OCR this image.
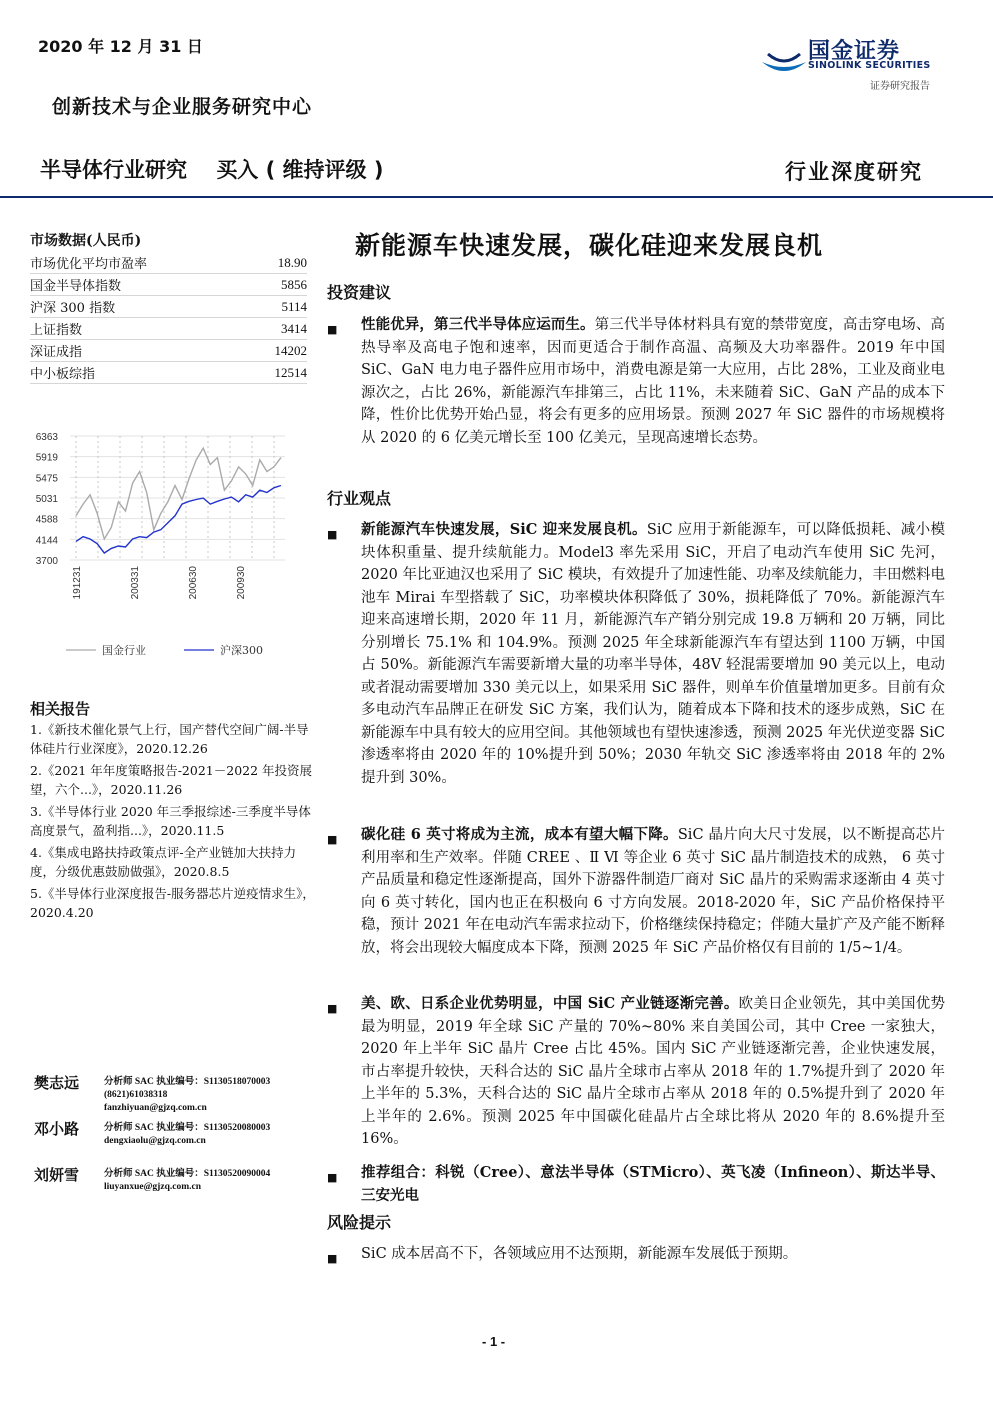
2020 年 12 月 31 日
创新技术与企业服务研究中心
国金证券
SINOLINK SECURITIES
证券研究报告
半导体行业研究 买入 ( 维持评级 )	行业深度研究
市场数据(人民币)
市场优化平均市盈率	18.90
国金半导体指数	5856
沪深 300 指数	5114
上证指数	3414
深证成指	14202
中小板综指	12514
6363
5919
5475
5031
4588
4144
3700
191231	200331	200630	200930
国金行业	沪深300
相关报告
1.《新技术催化景气上行，国产替代空间广阔-半导体硅片行业深度》，2020.12.26
2.《2021 年年度策略报告-2021－2022 年投资展望，六个...》，2020.11.26
3.《半导体行业 2020 年三季报综述-三季度半导体高度景气，盈利指...》，2020.11.5
4.《集成电路扶持政策点评-全产业链加大扶持力度，分级优惠鼓励做强》，2020.8.5
5.《半导体行业深度报告-服务器芯片逆疫情求生》，2020.4.20
樊志远	分析师 SAC 执业编号：S1130518070003
(8621)61038318
fanzhiyuan@gjzq.com.cn
邓小路	分析师 SAC 执业编号：S1130520080003
dengxiaolu@gjzq.com.cn
刘妍雪	分析师 SAC 执业编号：S1130520090004
liuyanxue@gjzq.com.cn
新能源车快速发展，碳化硅迎来发展良机
投资建议
■ 性能优异，第三代半导体应运而生。第三代半导体材料具有宽的禁带宽度，高击穿电场、高热导率及高电子饱和速率，因而更适合于制作高温、高频及大功率器件。2019 年中国 SiC、GaN 电力电子器件应用市场中，消费电源是第一大应用，占比 28%，工业及商业电源次之，占比 26%，新能源汽车排第三，占比 11%，未来随着 SiC、GaN 产品的成本下降，性价比优势开始凸显，将会有更多的应用场景。预测 2027 年 SiC 器件的市场规模将从 2020 的 6 亿美元增长至 100 亿美元，呈现高速增长态势。
行业观点
■ 新能源汽车快速发展，SiC 迎来发展良机。SiC 应用于新能源车，可以降低损耗、减小模块体积重量、提升续航能力。Model3 率先采用 SiC，开启了电动汽车使用 SiC 先河，2020 年比亚迪汉也采用了 SiC 模块，有效提升了加速性能、功率及续航能力，丰田燃料电池车 Mirai 车型搭载了 SiC，功率模块体积降低了 30%，损耗降低了 70%。新能源汽车迎来高速增长期，2020 年 11 月，新能源汽车产销分别完成 19.8 万辆和 20 万辆，同比分别增长 75.1% 和 104.9%。预测 2025 年全球新能源汽车有望达到 1100 万辆，中国占 50%。新能源汽车需要新增大量的功率半导体，48V 轻混需要增加 90 美元以上，电动或者混动需要增加 330 美元以上，如果采用 SiC 器件，则单车价值量增加更多。目前有众多电动汽车品牌正在研发 SiC 方案，我们认为，随着成本下降和技术的逐步成熟，SiC 在新能源车中具有较大的应用空间。其他领域也有望快速渗透，预测 2025 年光伏逆变器 SiC 渗透率将由 2020 年的 10%提升到 50%；2030 年轨交 SiC 渗透率将由 2018 年的 2%提升到 30%。
■ 碳化硅 6 英寸将成为主流，成本有望大幅下降。SiC 晶片向大尺寸发展，以不断提高芯片利用率和生产效率。伴随 CREE 、Ⅱ Ⅵ 等企业 6 英寸 SiC 晶片制造技术的成熟， 6 英寸产品质量和稳定性逐渐提高，国外下游器件制造厂商对 SiC 晶片的采购需求逐渐由 4 英寸向 6 英寸转化，国内也正在积极向 6 寸方向发展。2018-2020 年，SiC 产品价格保持平稳，预计 2021 年在电动汽车需求拉动下，价格继续保持稳定；伴随大量扩产及产能不断释放，将会出现较大幅度成本下降，预测 2025 年 SiC 产品价格仅有目前的 1/5~1/4。
■ 美、欧、日系企业优势明显，中国 SiC 产业链逐渐完善。欧美日企业领先，其中美国优势最为明显，2019 年全球 SiC 产量的 70%~80% 来自美国公司，其中 Cree 一家独大，2020 年上半年 SiC 晶片 Cree 占比 45%。国内 SiC 产业链逐渐完善，企业快速发展，市占率提升较快，天科合达的 SiC 晶片全球市占率从 2018 年的 1.7%提升到了 2020 年上半年的 5.3%，天科合达的 SiC 晶片全球市占率从 2018 年的 0.5%提升到了 2020 年上半年的 2.6%。预测 2025 年中国碳化硅晶片占全球比将从 2020 年的 8.6%提升至 16%。
■ 推荐组合：科锐（Cree）、意法半导体（STMicro）、英飞凌（Infineon）、斯达半导、三安光电
风险提示
■ SiC 成本居高不下，各领域应用不达预期，新能源车发展低于预期。
- 1 -
